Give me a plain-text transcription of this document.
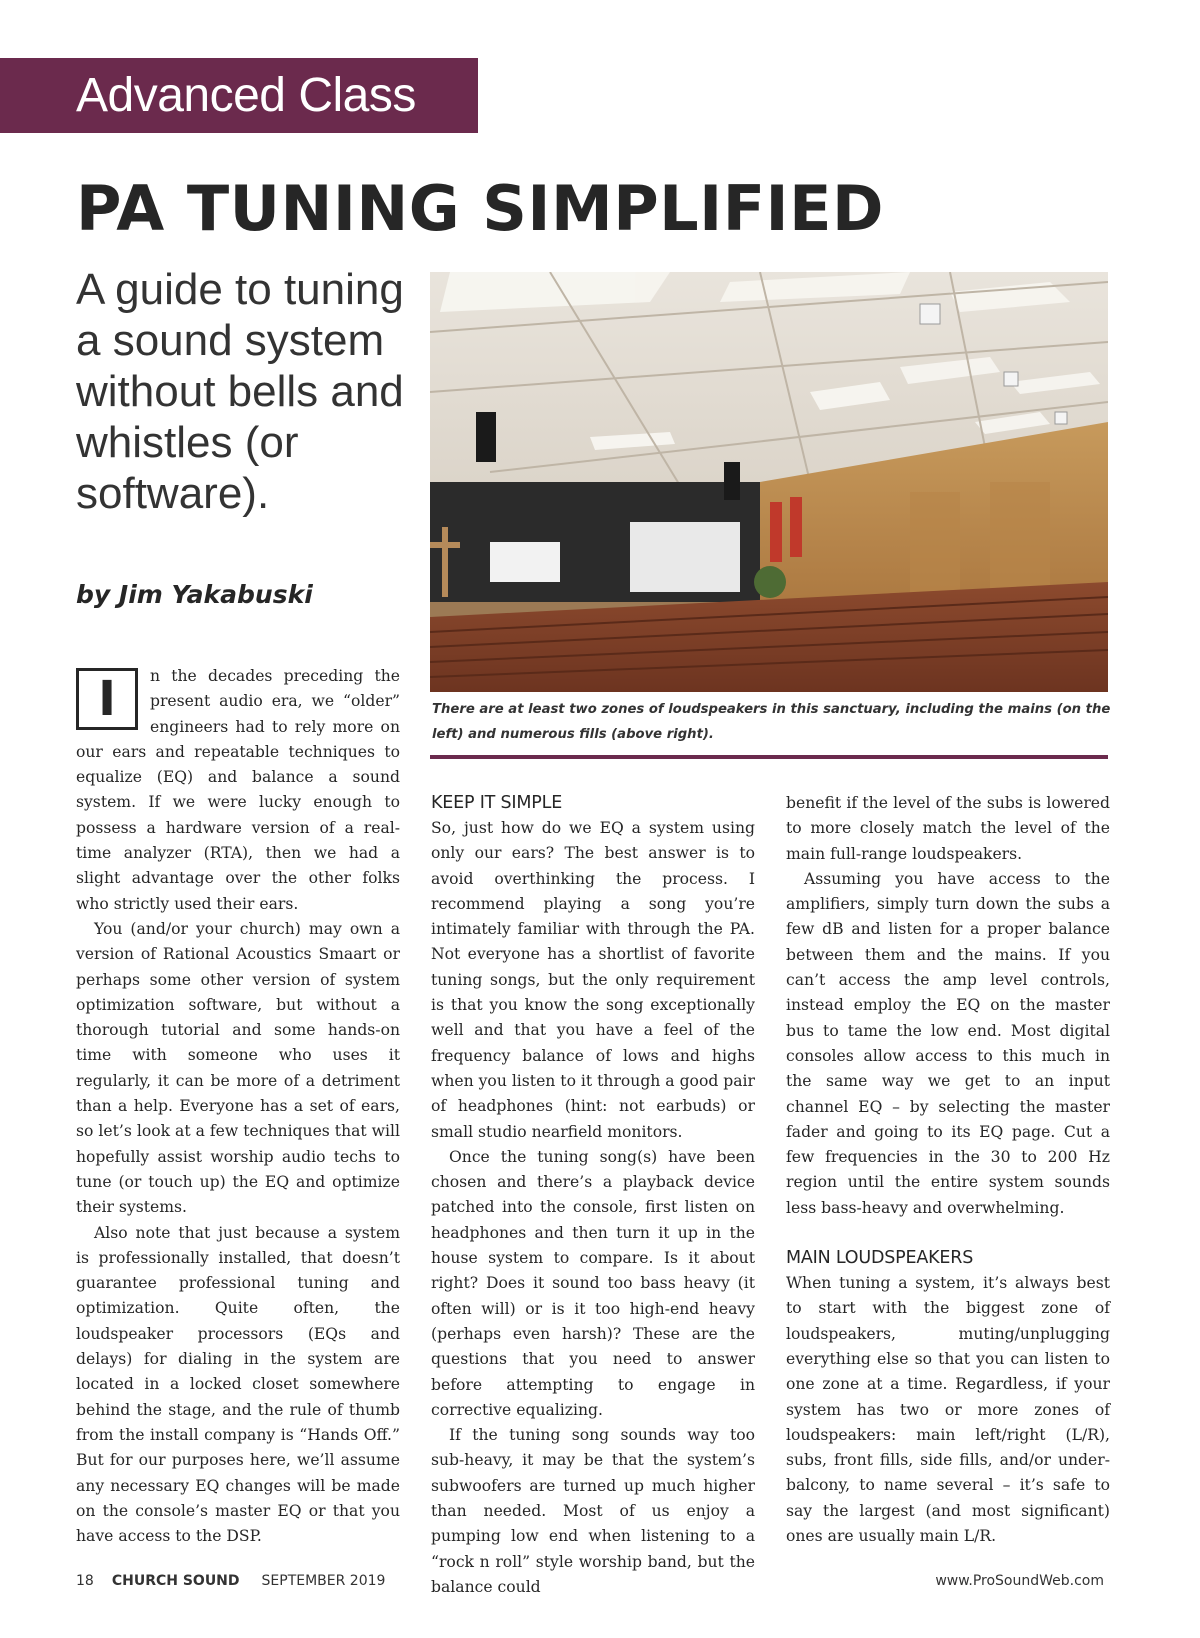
Advanced Class
PA TUNING SIMPLIFIED
A guide to tuning a sound system without bells and whistles (or software).
by Jim Yakabuski
There are at least two zones of loudspeakers in this sanctuary, including the mains (on the left) and numerous fills (above right).

I	n the decades preceding the present audio era, we “older” engineers had to rely more on our ears and repeatable techniques to equalize (EQ) and balance a sound system. If we were lucky enough to possess a hardware version of a real-time analyzer (RTA), then we had a slight advantage over the other folks who strictly used their ears.

You (and/or your church) may own a version of Rational Acoustics Smaart or perhaps some other version of system optimization software, but without a thorough tutorial and some hands-on time with someone who uses it regularly, it can be more of a detriment than a help. Everyone has a set of ears, so let’s look at a few techniques that will hopefully assist worship audio techs to tune (or touch up) the EQ and optimize their systems.

Also note that just because a system is professionally installed, that doesn’t guarantee professional tuning and optimization. Quite often, the loudspeaker processors (EQs and delays) for dialing in the system are located in a locked closet somewhere behind the stage, and the rule of thumb from the install company is “Hands Off.” But for our purposes here, we’ll assume any necessary EQ changes will be made on the console’s master EQ or that you have access to the DSP.

KEEP IT SIMPLE

So, just how do we EQ a system using only our ears? The best answer is to avoid overthinking the process. I recommend playing a song you’re intimately familiar with through the PA. Not everyone has a shortlist of favorite tuning songs, but the only requirement is that you know the song exceptionally well and that you have a feel of the frequency balance of lows and highs when you listen to it through a good pair of headphones (hint: not earbuds) or small studio nearfield monitors.

Once the tuning song(s) have been chosen and there’s a playback device patched into the console, first listen on headphones and then turn it up in the house system to compare. Is it about right? Does it sound too bass heavy (it often will) or is it too high-end heavy (perhaps even harsh)? These are the questions that you need to answer before attempting to engage in corrective equalizing.

If the tuning song sounds way too sub-heavy, it may be that the system’s subwoofers are turned up much higher than needed. Most of us enjoy a pumping low end when listening to a “rock n roll” style worship band, but the balance could

benefit if the level of the subs is lowered to more closely match the level of the main full-range loudspeakers.

Assuming you have access to the amplifiers, simply turn down the subs a few dB and listen for a proper balance between them and the mains. If you can’t access the amp level controls, instead employ the EQ on the master bus to tame the low end. Most digital consoles allow access to this much in the same way we get to an input channel EQ – by selecting the master fader and going to its EQ page. Cut a few frequencies in the 30 to 200 Hz region until the entire system sounds less bass-heavy and overwhelming.

MAIN LOUDSPEAKERS

When tuning a system, it’s always best to start with the biggest zone of loudspeakers, muting/unplugging everything else so that you can listen to one zone at a time. Regardless, if your system has two or more zones of loudspeakers: main left/right (L/R), subs, front fills, side fills, and/or under-balcony, to name several – it’s safe to say the largest (and most significant) ones are usually main L/R.

18 CHURCH SOUND SEPTEMBER 2019	www.ProSoundWeb.com
